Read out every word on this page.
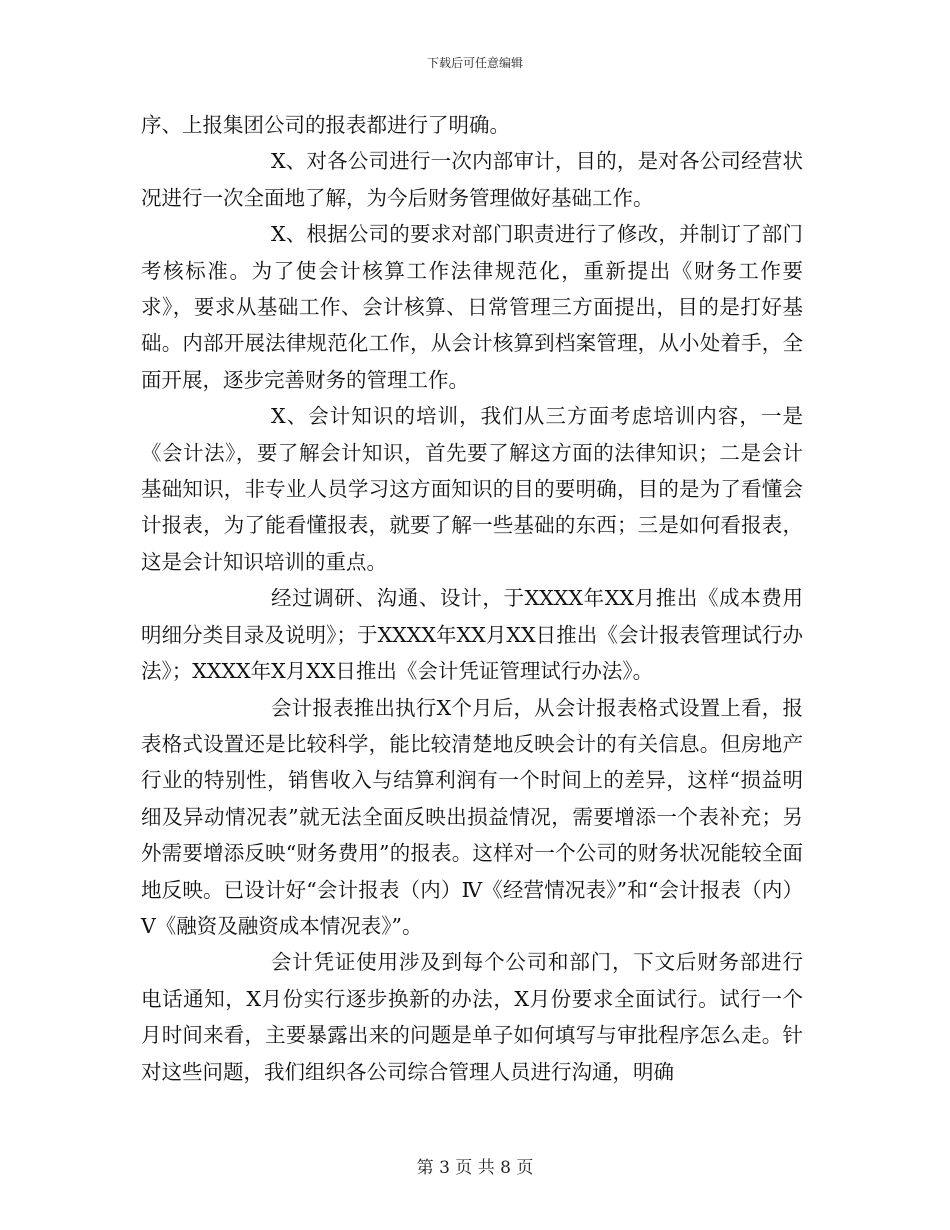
下载后可任意编辑

序、上报集团公司的报表都进行了明确。

X、对各公司进行一次内部审计，目的，是对各公司经营状况进行一次全面地了解，为今后财务管理做好基础工作。

X、根据公司的要求对部门职责进行了修改，并制订了部门考核标准。为了使会计核算工作法律规范化，重新提出《财务工作要求》，要求从基础工作、会计核算、日常管理三方面提出，目的是打好基础。内部开展法律规范化工作，从会计核算到档案管理，从小处着手，全面开展，逐步完善财务的管理工作。

X、会计知识的培训，我们从三方面考虑培训内容，一是《会计法》，要了解会计知识，首先要了解这方面的法律知识；二是会计基础知识，非专业人员学习这方面知识的目的要明确，目的是为了看懂会计报表，为了能看懂报表，就要了解一些基础的东西；三是如何看报表，这是会计知识培训的重点。

经过调研、沟通、设计，于XXXX年XX月推出《成本费用明细分类目录及说明》；于XXXX年XX月XX日推出《会计报表管理试行办法》；XXXX年X月XX日推出《会计凭证管理试行办法》。

会计报表推出执行X个月后，从会计报表格式设置上看，报表格式设置还是比较科学，能比较清楚地反映会计的有关信息。但房地产行业的特别性，销售收入与结算利润有一个时间上的差异，这样“损益明细及异动情况表”就无法全面反映出损益情况，需要增添一个表补充；另外需要增添反映“财务费用”的报表。这样对一个公司的财务状况能较全面地反映。已设计好“会计报表（内）Ⅳ《经营情况表》”和“会计报表（内）Ⅴ《融资及融资成本情况表》”。

会计凭证使用涉及到每个公司和部门，下文后财务部进行电话通知，X月份实行逐步换新的办法，X月份要求全面试行。试行一个月时间来看，主要暴露出来的问题是单子如何填写与审批程序怎么走。针对这些问题，我们组织各公司综合管理人员进行沟通，明确

第 3 页 共 8 页
